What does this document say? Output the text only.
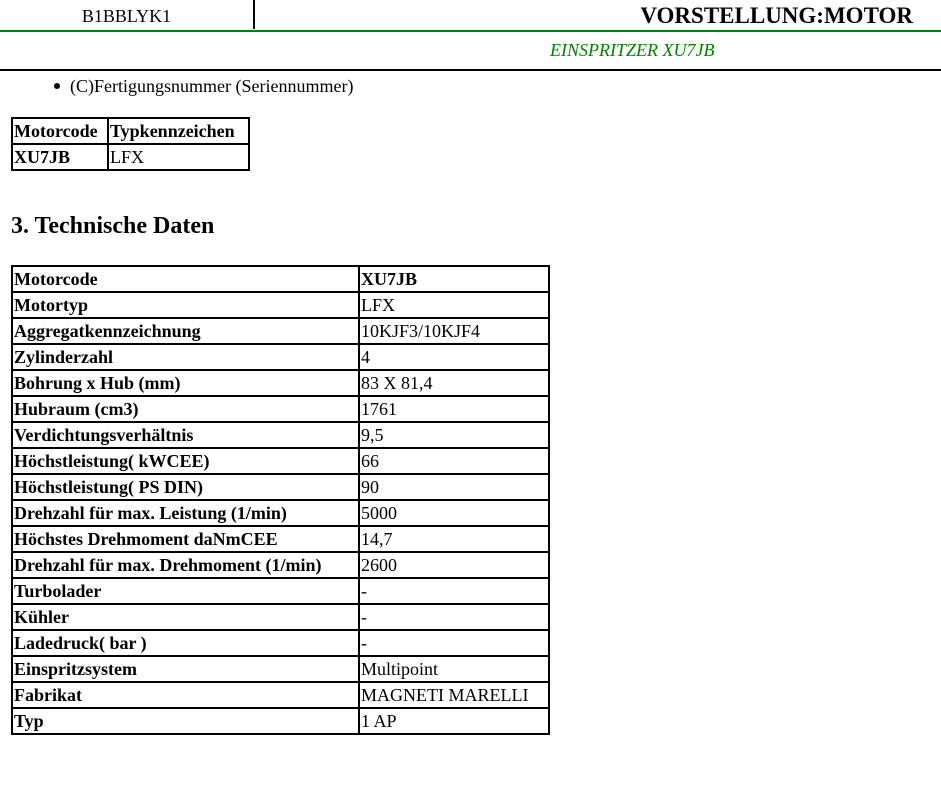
B1BBLYK1	VORSTELLUNG:MOTOR
EINSPRITZER XU7JB
(C)Fertigungsnummer (Seriennummer)
Motorcode	Typkennzeichen
XU7JB	LFX
3. Technische Daten
Motorcode	XU7JB
Motortyp	LFX
Aggregatkennzeichnung	10KJF3/10KJF4
Zylinderzahl	4
Bohrung x Hub (mm)	83 X 81,4
Hubraum (cm3)	1761
Verdichtungsverhältnis	9,5
Höchstleistung( kWCEE)	66
Höchstleistung( PS DIN)	90
Drehzahl für max. Leistung (1/min)	5000
Höchstes Drehmoment daNmCEE	14,7
Drehzahl für max. Drehmoment (1/min)	2600
Turbolader	-
Kühler	-
Ladedruck( bar )	-
Einspritzsystem	Multipoint
Fabrikat	MAGNETI MARELLI
Typ	1 AP
